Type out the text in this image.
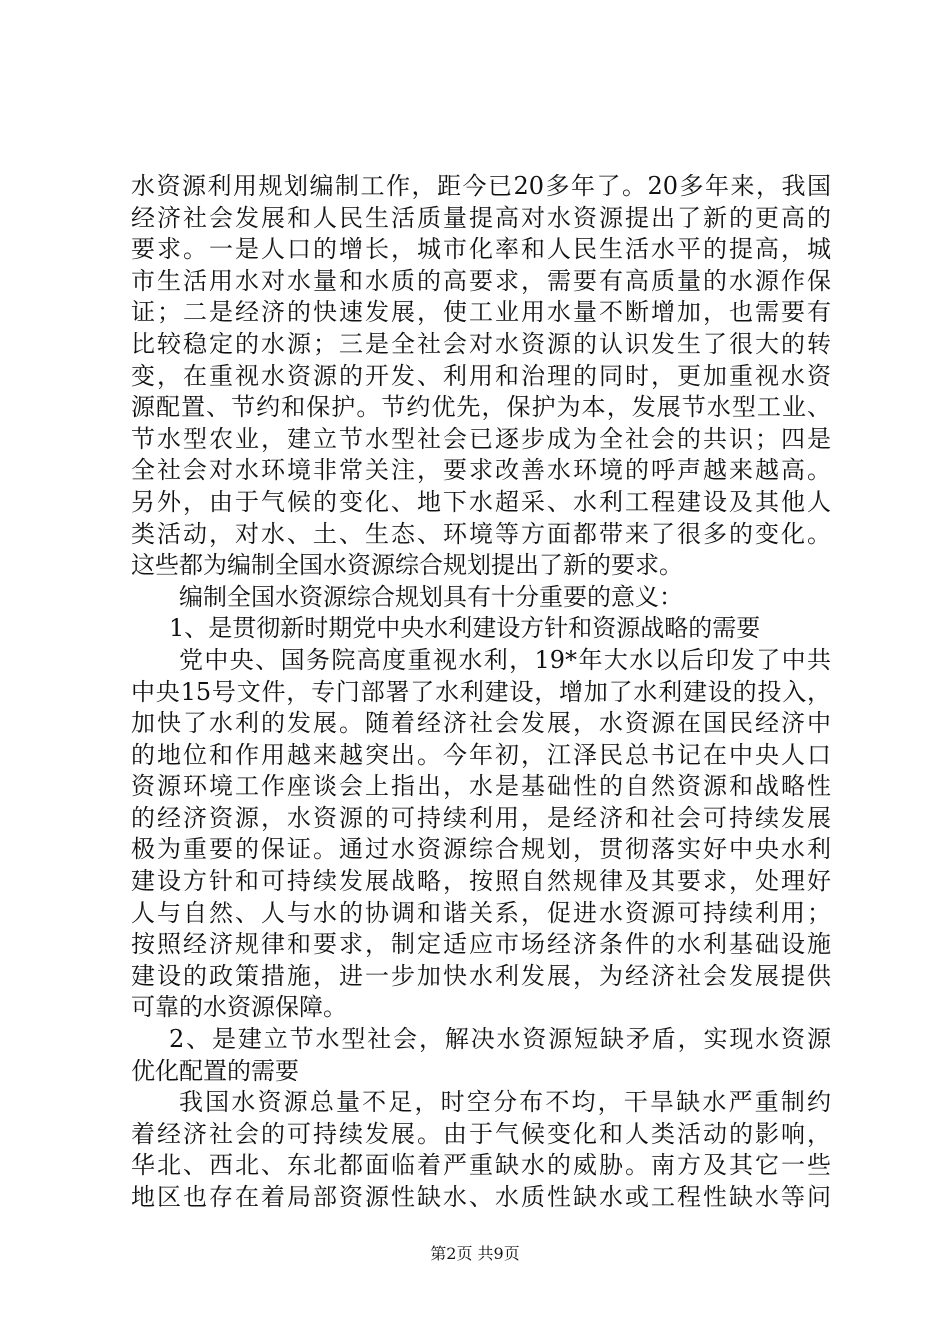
水资源利用规划编制工作，距今已20多年了。20多年来，我国
经济社会发展和人民生活质量提高对水资源提出了新的更高的
要求。一是人口的增长，城市化率和人民生活水平的提高，城
市生活用水对水量和水质的高要求，需要有高质量的水源作保
证；二是经济的快速发展，使工业用水量不断增加，也需要有
比较稳定的水源；三是全社会对水资源的认识发生了很大的转
变，在重视水资源的开发、利用和治理的同时，更加重视水资
源配置、节约和保护。节约优先，保护为本，发展节水型工业、
节水型农业，建立节水型社会已逐步成为全社会的共识；四是
全社会对水环境非常关注，要求改善水环境的呼声越来越高。
另外，由于气候的变化、地下水超采、水利工程建设及其他人
类活动，对水、土、生态、环境等方面都带来了很多的变化。
这些都为编制全国水资源综合规划提出了新的要求。
编制全国水资源综合规划具有十分重要的意义：
1、是贯彻新时期党中央水利建设方针和资源战略的需要
党中央、国务院高度重视水利，19*年大水以后印发了中共
中央15号文件，专门部署了水利建设，增加了水利建设的投入，
加快了水利的发展。随着经济社会发展，水资源在国民经济中
的地位和作用越来越突出。今年初，江泽民总书记在中央人口
资源环境工作座谈会上指出，水是基础性的自然资源和战略性
的经济资源，水资源的可持续利用，是经济和社会可持续发展
极为重要的保证。通过水资源综合规划，贯彻落实好中央水利
建设方针和可持续发展战略，按照自然规律及其要求，处理好
人与自然、人与水的协调和谐关系，促进水资源可持续利用；
按照经济规律和要求，制定适应市场经济条件的水利基础设施
建设的政策措施，进一步加快水利发展，为经济社会发展提供
可靠的水资源保障。
2、是建立节水型社会，解决水资源短缺矛盾，实现水资源
优化配置的需要
我国水资源总量不足，时空分布不均，干旱缺水严重制约
着经济社会的可持续发展。由于气候变化和人类活动的影响，
华北、西北、东北都面临着严重缺水的威胁。南方及其它一些
地区也存在着局部资源性缺水、水质性缺水或工程性缺水等问
第2页 共9页
